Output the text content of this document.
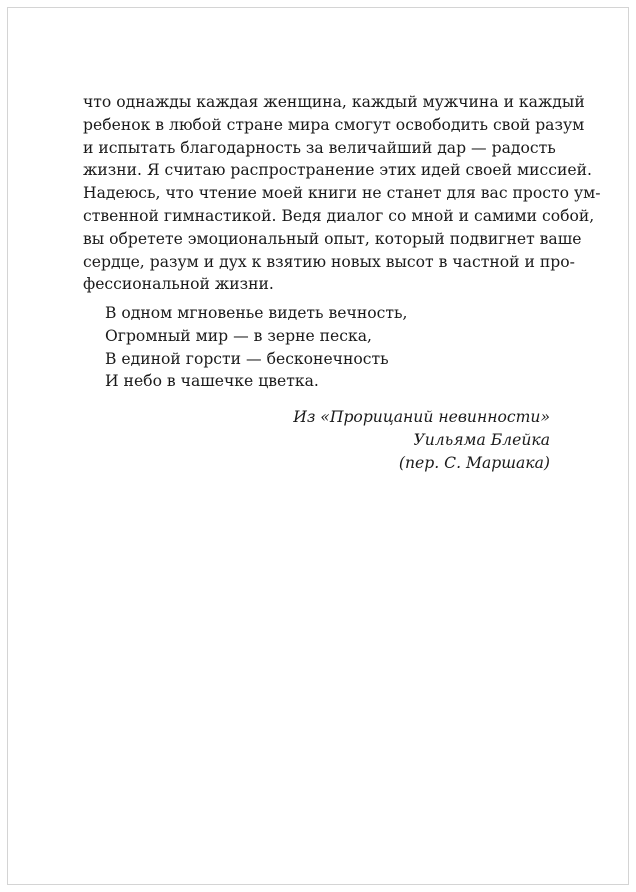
что однажды каждая женщина, каждый мужчина и каждый
ребенок в любой стране мира смогут освободить свой разум
и испытать благодарность за величайший дар — радость
жизни. Я считаю распространение этих идей своей миссией.
Надеюсь, что чтение моей книги не станет для вас просто ум-
ственной гимнастикой. Ведя диалог со мной и самими собой,
вы обретете эмоциональный опыт, который подвигнет ваше
сердце, разум и дух к взятию новых высот в частной и про-
фессиональной жизни.
В одном мгновенье видеть вечность,
Огромный мир — в зерне песка,
В единой горсти — бесконечность
И небо в чашечке цветка.
Из «Прорицаний невинности»
Уильяма Блейка
(пер. С. Маршака)
